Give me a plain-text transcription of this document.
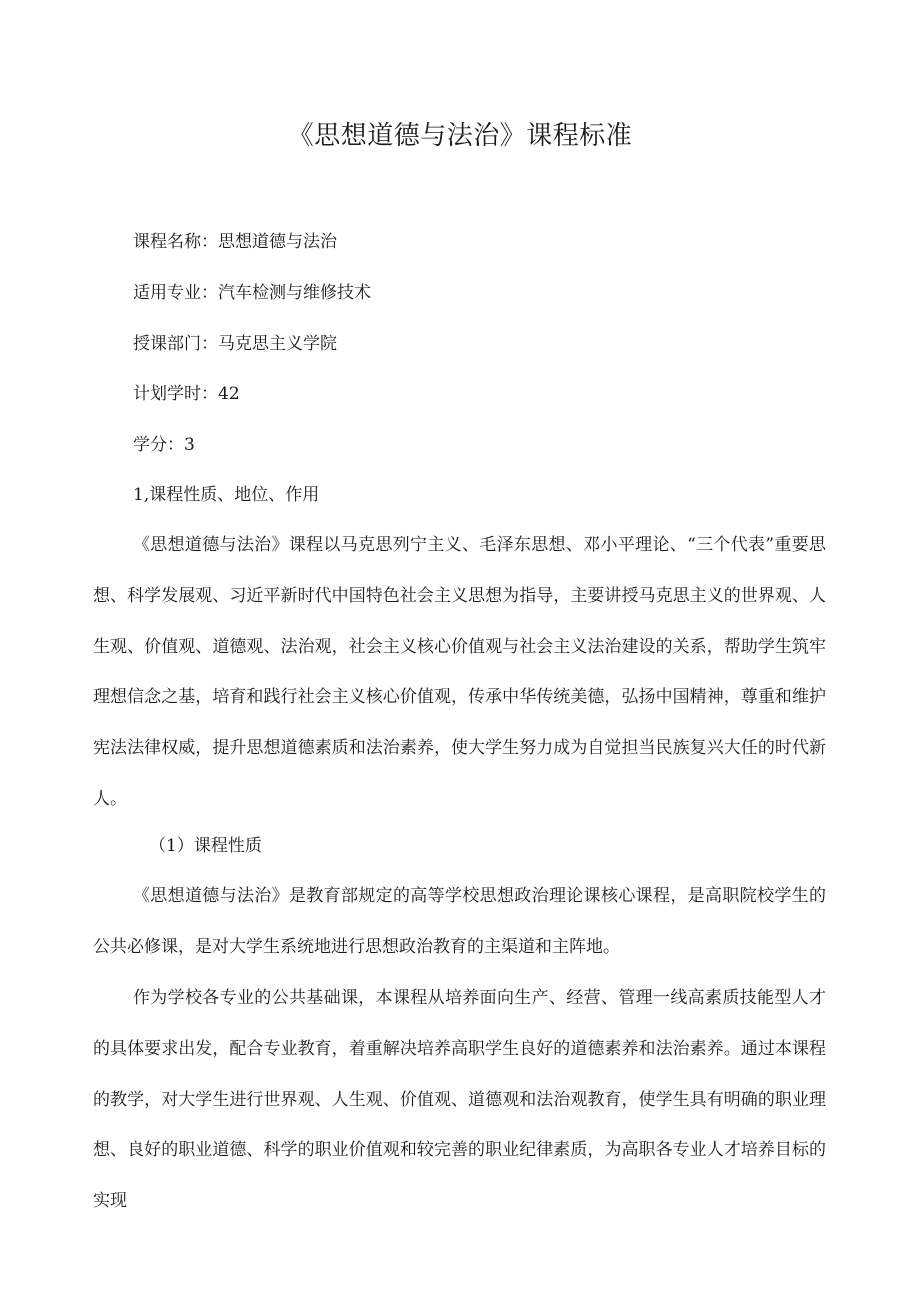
《思想道德与法治》课程标准
课程名称：思想道德与法治
适用专业：汽车检测与维修技术
授课部门：马克思主义学院
计划学时：42
学分：3
1,课程性质、地位、作用
《思想道德与法治》课程以马克思列宁主义、毛泽东思想、邓小平理论、“三个代表”重要思想、科学发展观、习近平新时代中国特色社会主义思想为指导，主要讲授马克思主义的世界观、人生观、价值观、道德观、法治观，社会主义核心价值观与社会主义法治建设的关系，帮助学生筑牢理想信念之基，培育和践行社会主义核心价值观，传承中华传统美德，弘扬中国精神，尊重和维护宪法法律权威，提升思想道德素质和法治素养，使大学生努力成为自觉担当民族复兴大任的时代新人。
（1）课程性质
《思想道德与法治》是教育部规定的高等学校思想政治理论课核心课程，是高职院校学生的公共必修课，是对大学生系统地进行思想政治教育的主渠道和主阵地。
作为学校各专业的公共基础课，本课程从培养面向生产、经营、管理一线高素质技能型人才的具体要求出发，配合专业教育，着重解决培养高职学生良好的道德素养和法治素养。通过本课程的教学，对大学生进行世界观、人生观、价值观、道德观和法治观教育，使学生具有明确的职业理想、良好的职业道德、科学的职业价值观和较完善的职业纪律素质，为高职各专业人才培养目标的实现
